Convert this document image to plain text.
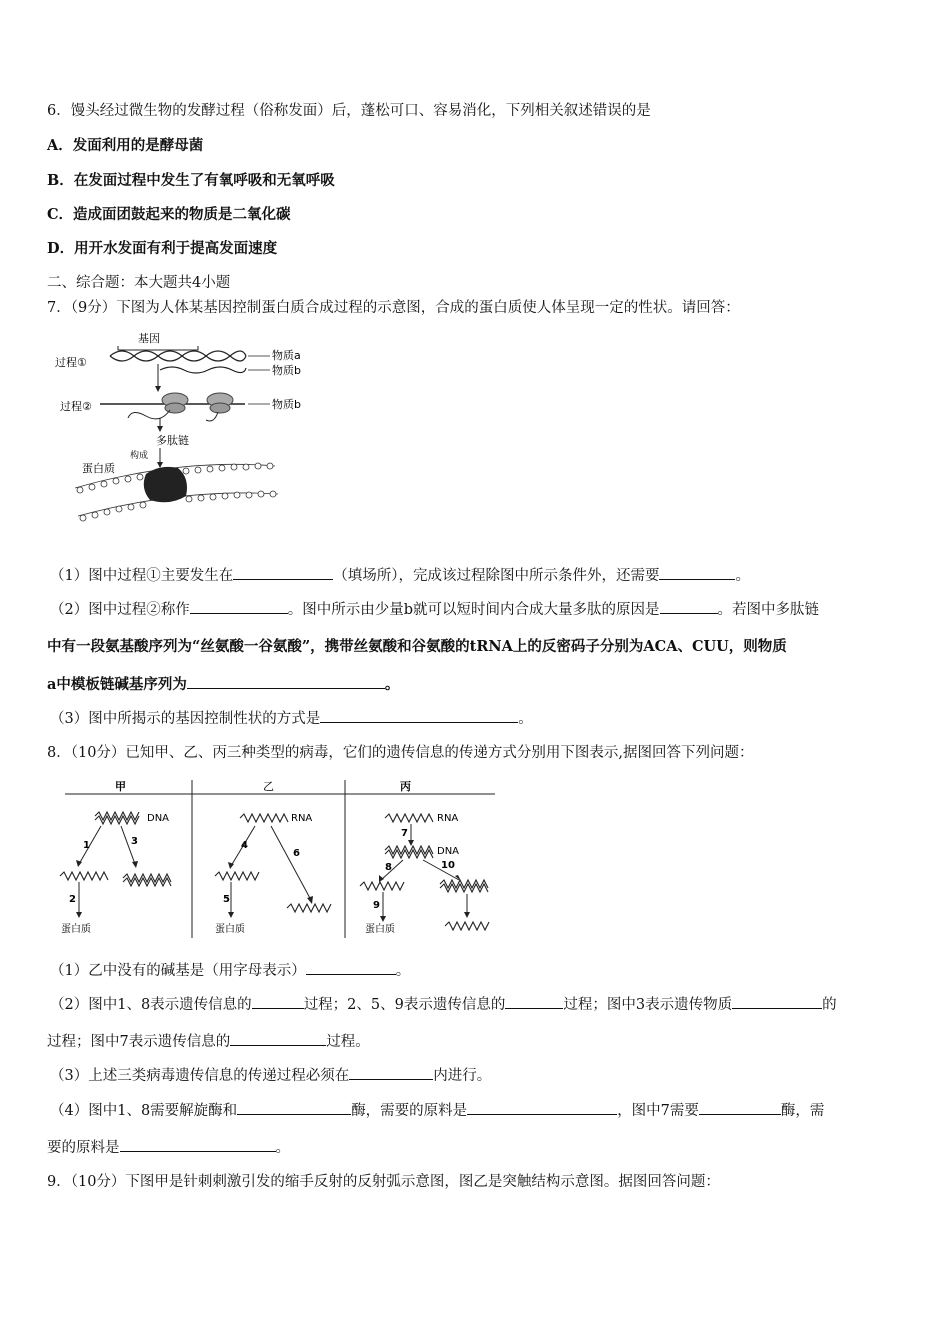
6．馒头经过微生物的发酵过程（俗称发面）后，蓬松可口、容易消化，下列相关叙述错误的是
A．发面利用的是酵母菌
B．在发面过程中发生了有氧呼吸和无氧呼吸
C．造成面团鼓起来的物质是二氧化碳
D．用开水发面有利于提高发面速度
二、综合题：本大题共4小题
7．（9分）下图为人体某基因控制蛋白质合成过程的示意图，合成的蛋白质使人体呈现一定的性状。请回答：
基因
过程①
过程②
物质a
物质b
物质b
多肽链
构成
蛋白质
（1）图中过程①主要发生在	（填场所），完成该过程除图中所示条件外，还需要	。
（2）图中过程②称作	。图中所示由少量b就可以短时间内合成大量多肽的原因是	。若图中多肽链
中有一段氨基酸序列为“丝氨酸一谷氨酸”，携带丝氨酸和谷氨酸的tRNA上的反密码子分别为ACA、CUU，则物质
a中模板链碱基序列为	。
（3）图中所揭示的基因控制性状的方式是	。
8．（10分）已知甲、乙、丙三种类型的病毒，它们的遗传信息的传递方式分别用下图表示,据图回答下列问题：
甲	乙	丙
DNA
1	3
2
蛋白质
RNA
4
6
5
蛋白质
RNA
7
DNA
8	10
9
蛋白质
（1）乙中没有的碱基是（用字母表示）	。
（2）图中1、8表示遗传信息的	过程；2、5、9表示遗传信息的	过程；图中3表示遗传物质	的
过程；图中7表示遗传信息的	过程。
（3）上述三类病毒遗传信息的传递过程必须在	内进行。
（4）图中1、8需要解旋酶和	酶，需要的原料是	，图中7需要	酶，需
要的原料是	。
9．（10分）下图甲是针刺刺激引发的缩手反射的反射弧示意图，图乙是突触结构示意图。据图回答问题：
